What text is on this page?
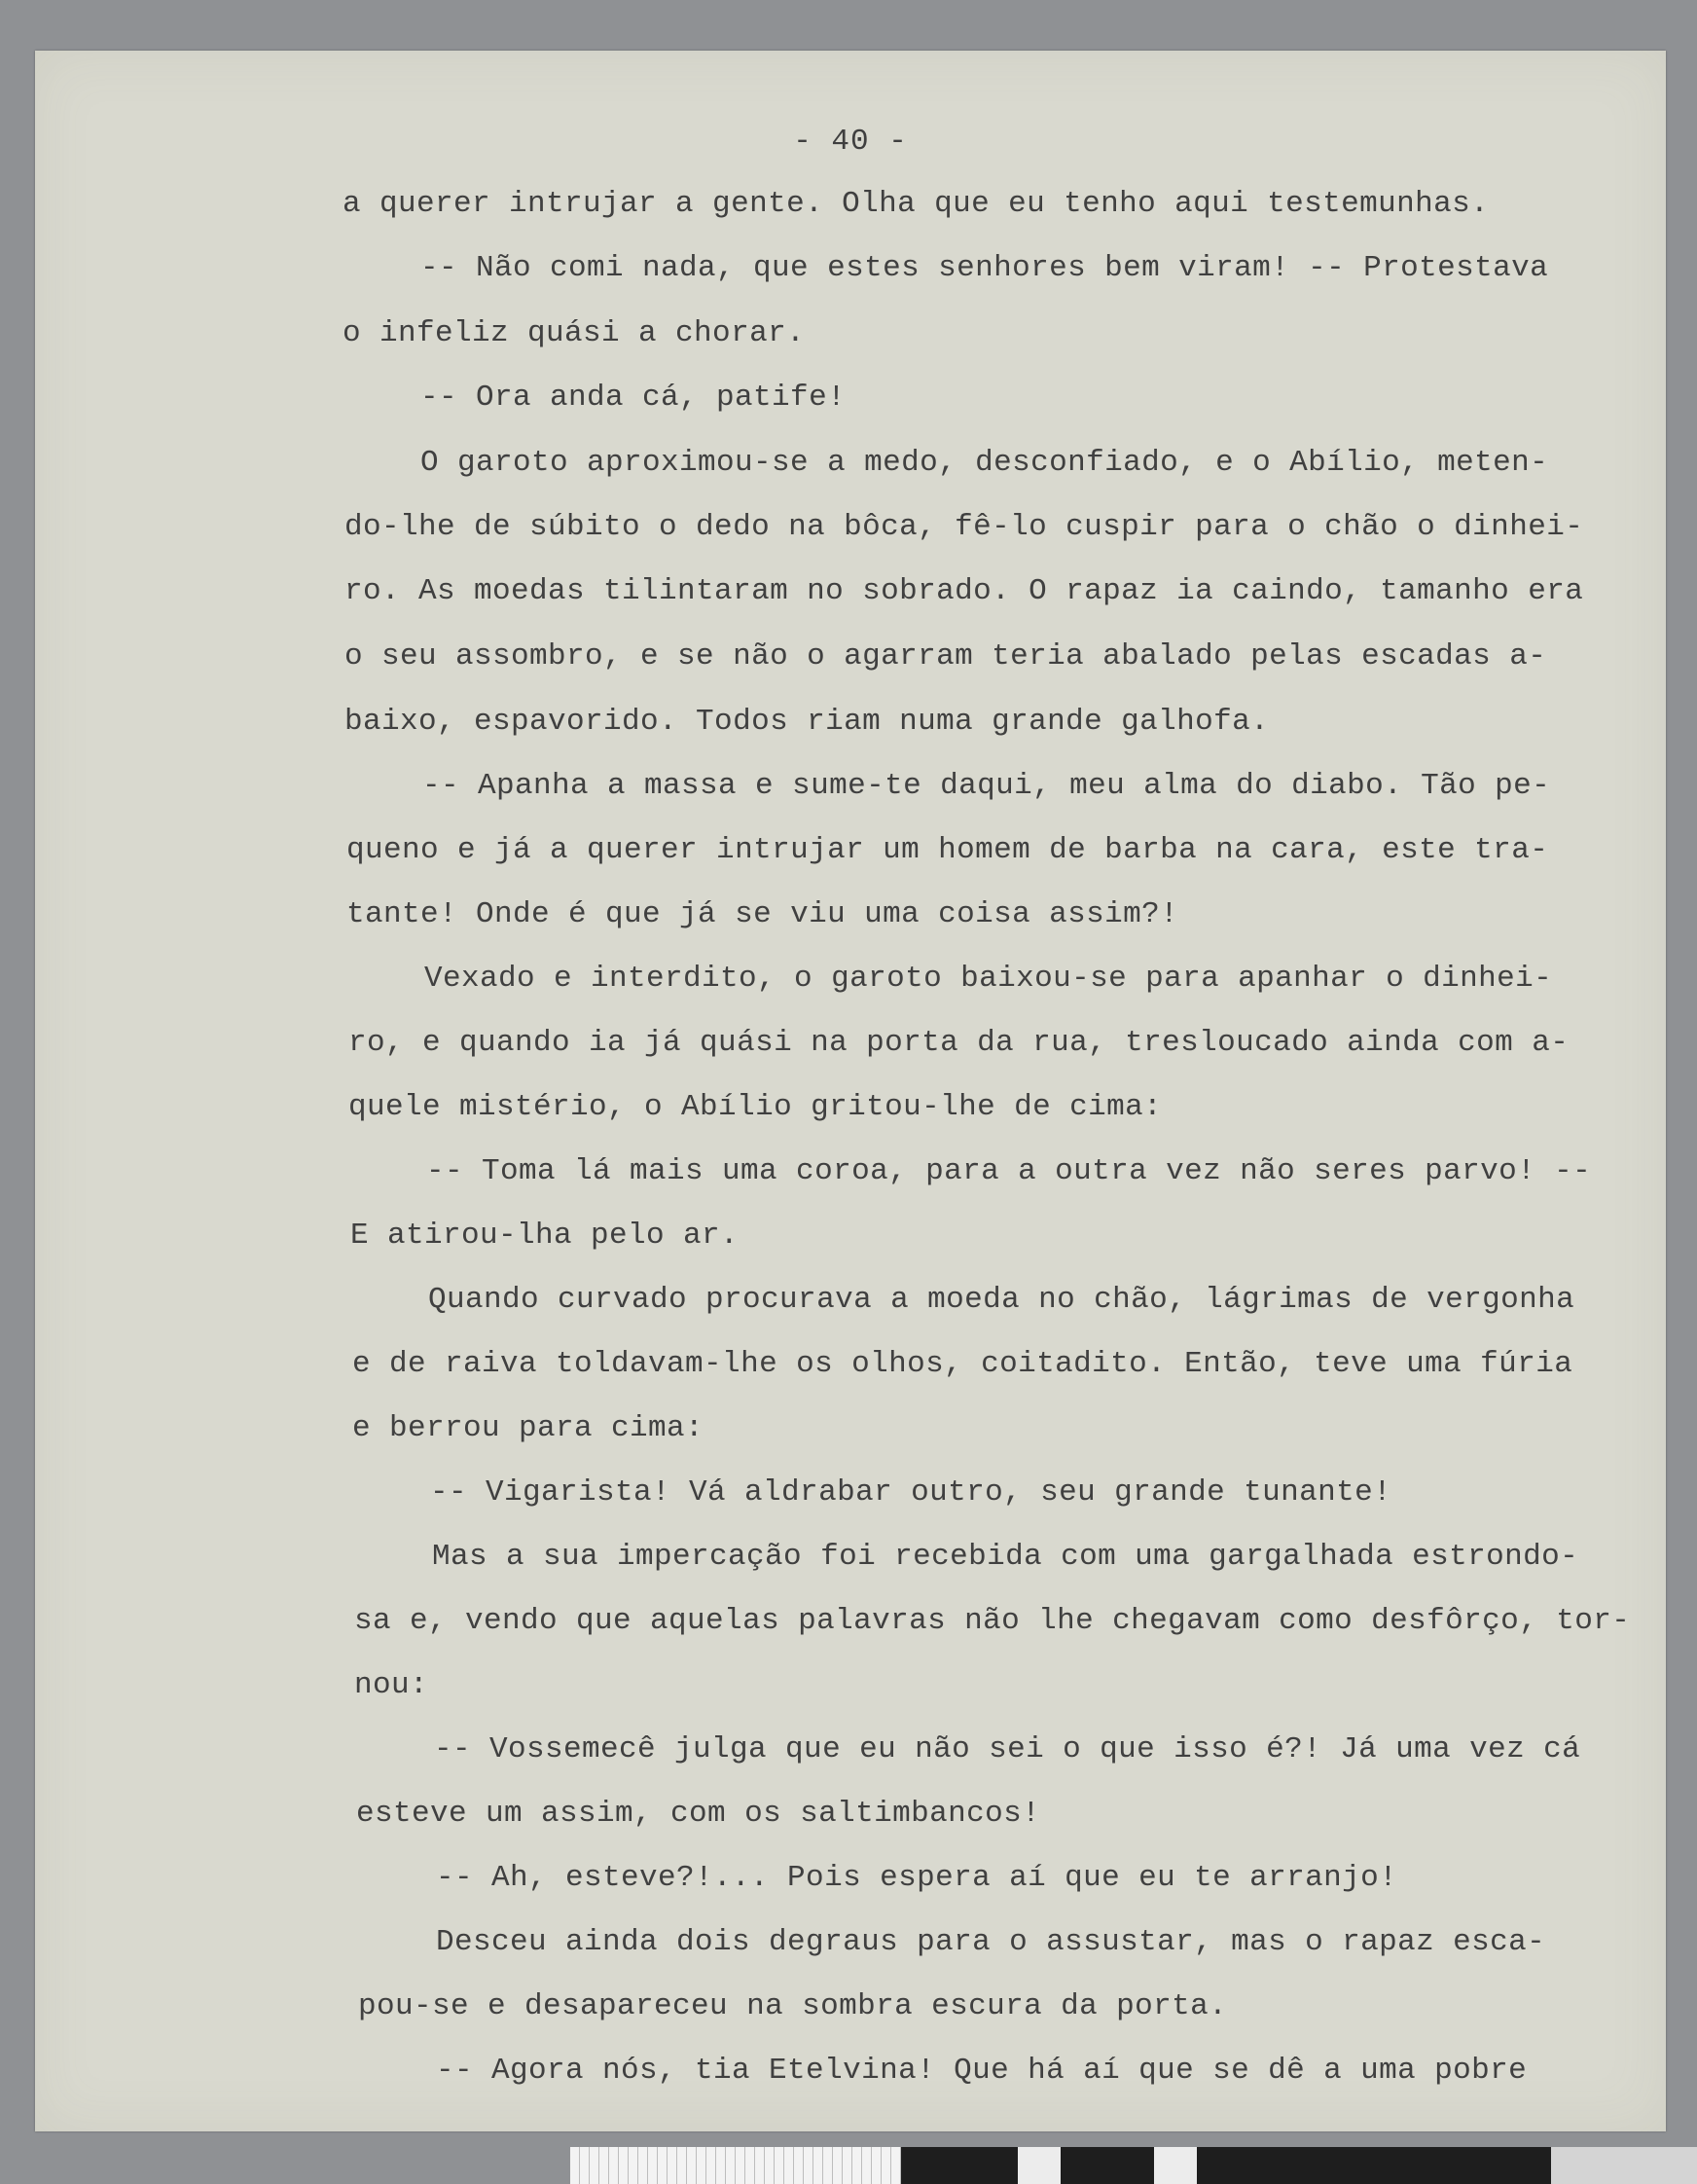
- 40 -
a querer intrujar a gente. Olha que eu tenho aqui testemunhas.
-- Não comi nada, que estes senhores bem viram! -- Protestava
o infeliz quási a chorar.
-- Ora anda cá, patife!
O garoto aproximou-se a medo, desconfiado, e o Abílio, meten-
do-lhe de súbito o dedo na bôca, fê-lo cuspir para o chão o dinhei-
ro. As moedas tilintaram no sobrado. O rapaz ia caindo, tamanho era
o seu assombro, e se não o agarram teria abalado pelas escadas a-
baixo, espavorido. Todos riam numa grande galhofa.
-- Apanha a massa e sume-te daqui, meu alma do diabo. Tão pe-
queno e já a querer intrujar um homem de barba na cara, este tra-
tante! Onde é que já se viu uma coisa assim?!
Vexado e interdito, o garoto baixou-se para apanhar o dinhei-
ro, e quando ia já quási na porta da rua, tresloucado ainda com a-
quele mistério, o Abílio gritou-lhe de cima:
-- Toma lá mais uma coroa, para a outra vez não seres parvo! --
E atirou-lha pelo ar.
Quando curvado procurava a moeda no chão, lágrimas de vergonha
e de raiva toldavam-lhe os olhos, coitadito. Então, teve uma fúria
e berrou para cima:
-- Vigarista! Vá aldrabar outro, seu grande tunante!
Mas a sua impercação foi recebida com uma gargalhada estrondo-
sa e, vendo que aquelas palavras não lhe chegavam como desfôrço, tor-
nou:
-- Vossemecê julga que eu não sei o que isso é?! Já uma vez cá
esteve um assim, com os saltimbancos!
-- Ah, esteve?!... Pois espera aí que eu te arranjo!
Desceu ainda dois degraus para o assustar, mas o rapaz esca-
pou-se e desapareceu na sombra escura da porta.
-- Agora nós, tia Etelvina! Que há aí que se dê a uma pobre
